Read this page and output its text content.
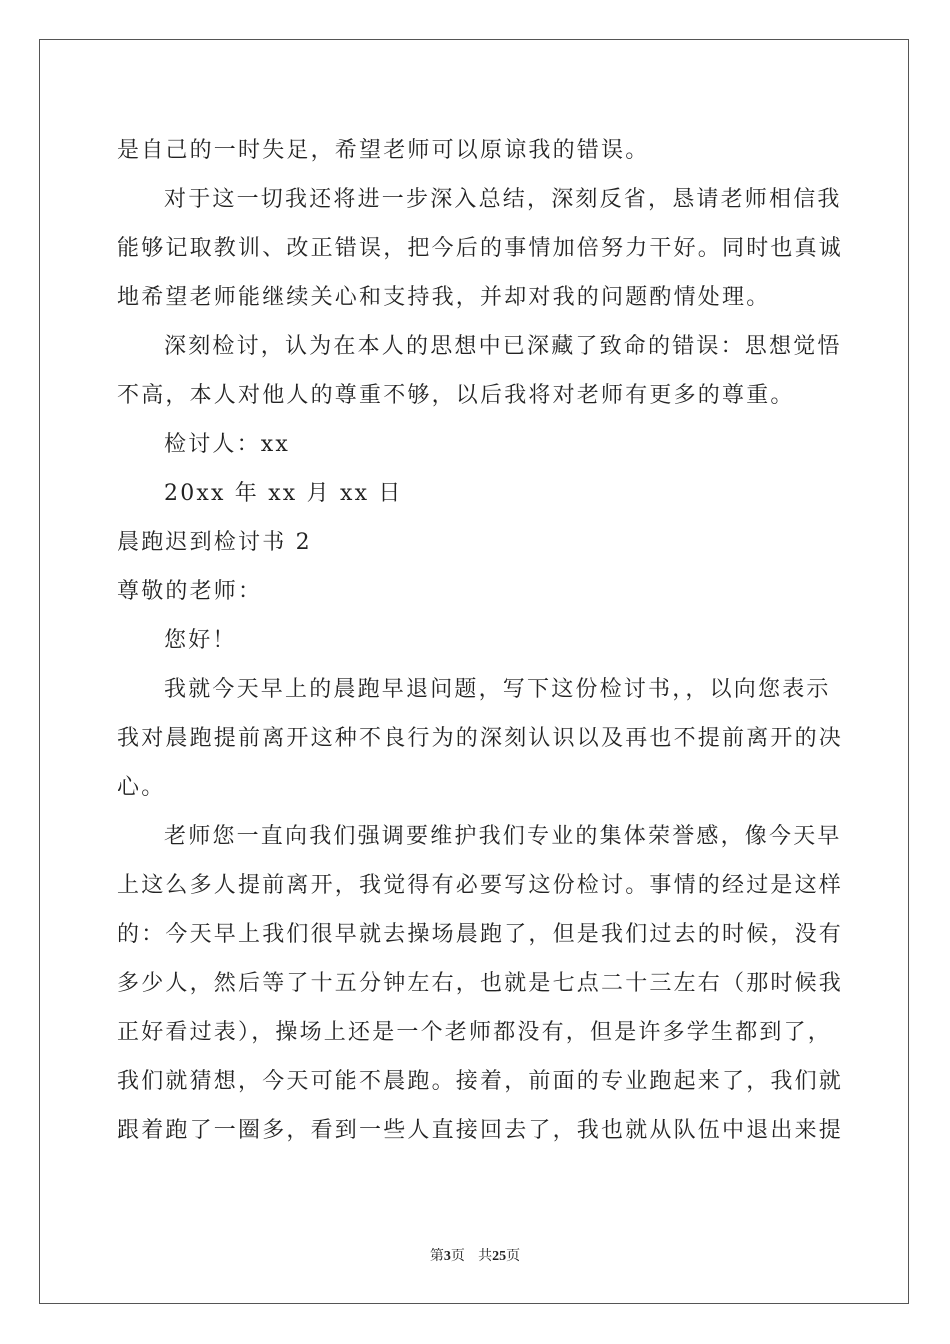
是自己的一时失足，希望老师可以原谅我的错误。

对于这一切我还将进一步深入总结，深刻反省，恳请老师相信我

能够记取教训、改正错误，把今后的事情加倍努力干好。同时也真诚

地希望老师能继续关心和支持我，并却对我的问题酌情处理。

深刻检讨，认为在本人的思想中已深藏了致命的错误：思想觉悟

不高，本人对他人的尊重不够，以后我将对老师有更多的尊重。

检讨人：xx

20xx 年 xx 月 xx 日

晨跑迟到检讨书 2

尊敬的老师：

您好！

我就今天早上的晨跑早退问题，写下这份检讨书，，以向您表示

我对晨跑提前离开这种不良行为的深刻认识以及再也不提前离开的决

心。

老师您一直向我们强调要维护我们专业的集体荣誉感，像今天早

上这么多人提前离开，我觉得有必要写这份检讨。事情的经过是这样

的：今天早上我们很早就去操场晨跑了，但是我们过去的时候，没有

多少人，然后等了十五分钟左右，也就是七点二十三左右（那时候我

正好看过表），操场上还是一个老师都没有，但是许多学生都到了，

我们就猜想，今天可能不晨跑。接着，前面的专业跑起来了，我们就

跟着跑了一圈多，看到一些人直接回去了，我也就从队伍中退出来提

第3页 共25页
